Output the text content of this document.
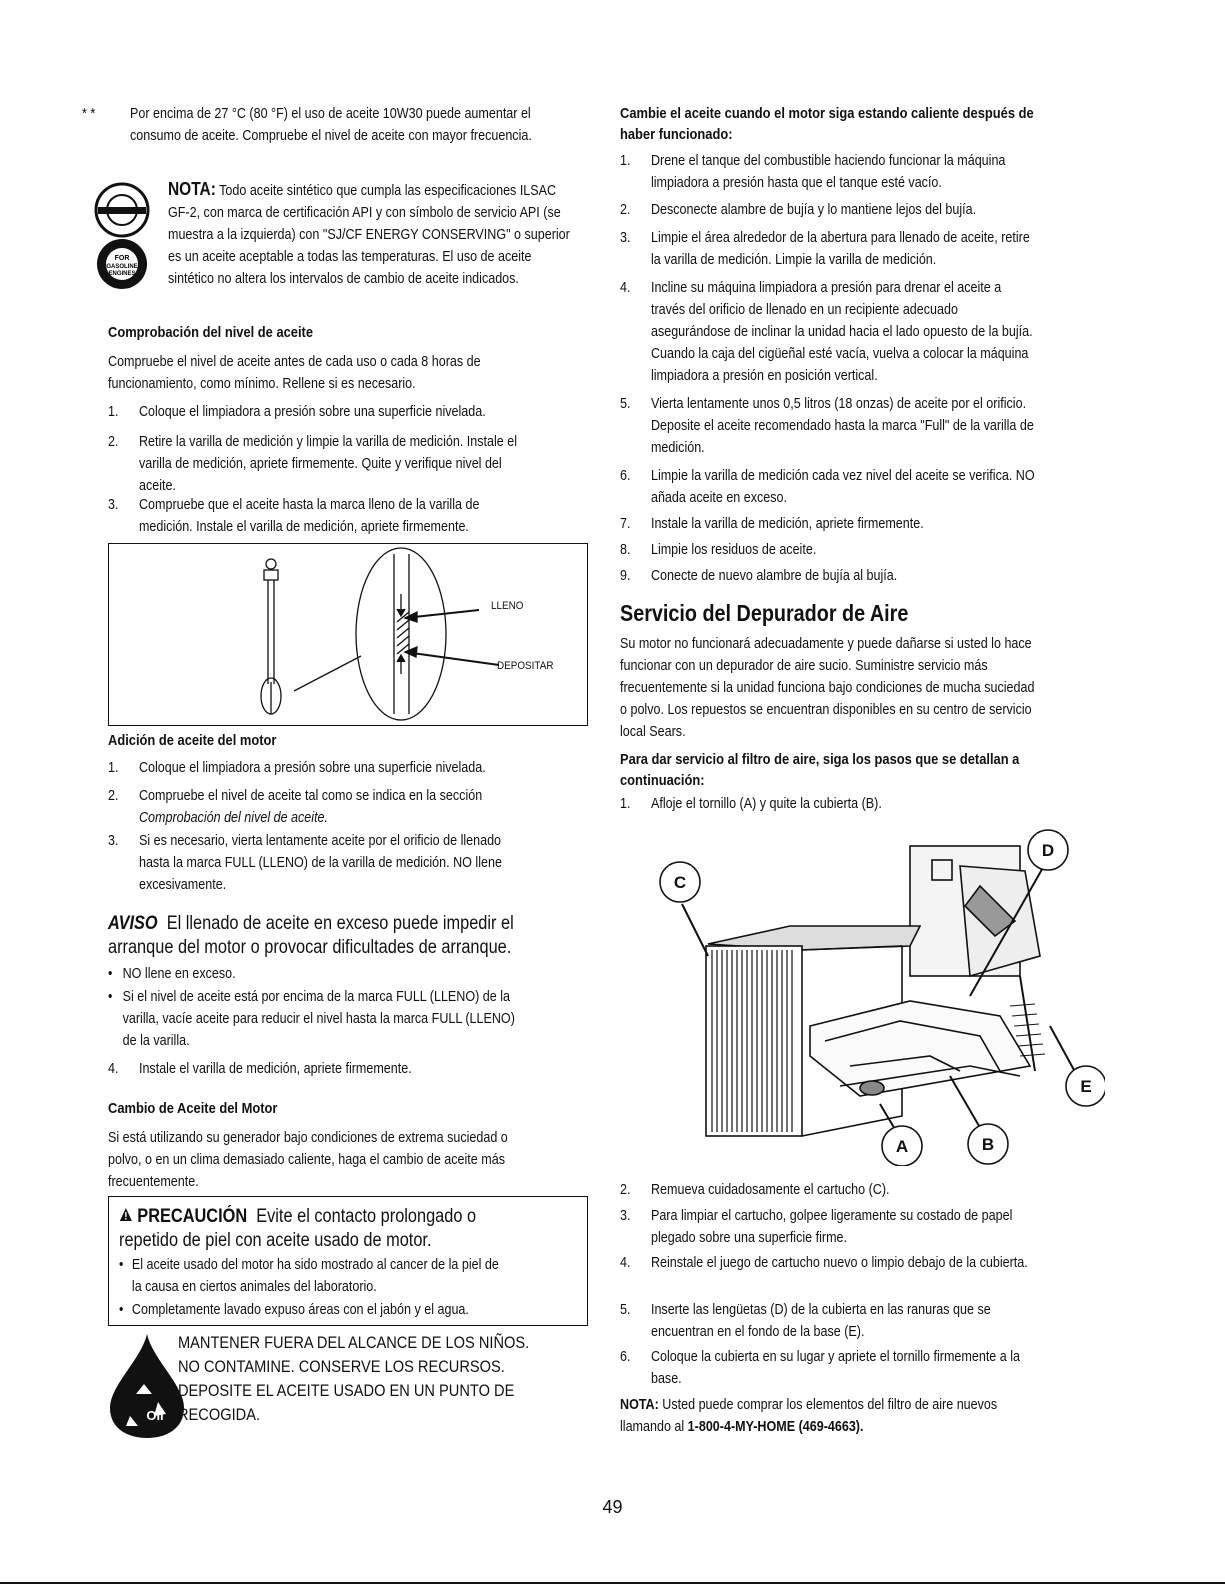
* *	Por encima de 27 °C (80 °F) el uso de aceite 10W30 puede aumentar el consumo de aceite. Compruebe el nivel de aceite con mayor frecuencia.
FOR
GASOLINE
ENGINES
NOTA: Todo aceite sintético que cumpla las especificaciones ILSAC GF-2, con marca de certificación API y con símbolo de servicio API (se muestra a la izquierda) con "SJ/CF ENERGY CONSERVING" o superior es un aceite aceptable a todas las temperaturas. El uso de aceite sintético no altera los intervalos de cambio de aceite indicados.
Comprobación del nivel de aceite
Compruebe el nivel de aceite antes de cada uso o cada 8 horas de funcionamiento, como mínimo. Rellene si es necesario.
1.	Coloque el limpiadora a presión sobre una superficie nivelada.
2.	Retire la varilla de medición y limpie la varilla de medición. Instale el varilla de medición, apriete firmemente. Quite y verifique nivel del aceite.
3.	Compruebe que el aceite hasta la marca lleno de la varilla de medición. Instale el varilla de medición, apriete firmemente.
LLENO
DEPOSITAR
Adición de aceite del motor
1.	Coloque el limpiadora a presión sobre una superficie nivelada.
2.	Compruebe el nivel de aceite tal como se indica en la sección
Comprobación del nivel de aceite.
3.	Si es necesario, vierta lentamente aceite por el orificio de llenado hasta la marca FULL (LLENO) de la varilla de medición. NO llene excesivamente.
AVISO El llenado de aceite en exceso puede impedir el arranque del motor o provocar dificultades de arranque.
• NO llene en exceso.
• Si el nivel de aceite está por encima de la marca FULL (LLENO) de la varilla, vacíe aceite para reducir el nivel hasta la marca FULL (LLENO) de la varilla.
4.	Instale el varilla de medición, apriete firmemente.
Cambio de Aceite del Motor
Si está utilizando su generador bajo condiciones de extrema suciedad o polvo, o en un clima demasiado caliente, haga el cambio de aceite más frecuentemente.
PRECAUCIÓN Evite el contacto prolongado o repetido de piel con aceite usado de motor.
• El aceite usado del motor ha sido mostrado al cancer de la piel de la causa en ciertos animales del laboratorio.
• Completamente lavado expuso áreas con el jabón y el agua.
Oil
MANTENER FUERA DEL ALCANCE DE LOS NIÑOS. NO CONTAMINE. CONSERVE LOS RECURSOS. DEPOSITE EL ACEITE USADO EN UN PUNTO DE RECOGIDA.
Cambie el aceite cuando el motor siga estando caliente después de haber funcionado:
1.	Drene el tanque del combustible haciendo funcionar la máquina limpiadora a presión hasta que el tanque esté vacío.
2.	Desconecte alambre de bujía y lo mantiene lejos del bujía.
3.	Limpie el área alrededor de la abertura para llenado de aceite, retire la varilla de medición. Limpie la varilla de medición.
4.	Incline su máquina limpiadora a presión para drenar el aceite a través del orificio de llenado en un recipiente adecuado asegurándose de inclinar la unidad hacia el lado opuesto de la bujía. Cuando la caja del cigüeñal esté vacía, vuelva a colocar la máquina limpiadora a presión en posición vertical.
5.	Vierta lentamente unos 0,5 litros (18 onzas) de aceite por el orificio. Deposite el aceite recomendado hasta la marca "Full" de la varilla de medición.
6.	Limpie la varilla de medición cada vez nivel del aceite se verifica. NO añada aceite en exceso.
7.	Instale la varilla de medición, apriete firmemente.
8.	Limpie los residuos de aceite.
9.	Conecte de nuevo alambre de bujía al bujía.
Servicio del Depurador de Aire
Su motor no funcionará adecuadamente y puede dañarse si usted lo hace funcionar con un depurador de aire sucio. Suministre servicio más frecuentemente si la unidad funciona bajo condiciones de mucha suciedad o polvo. Los repuestos se encuentran disponibles en su centro de servicio local Sears.
Para dar servicio al filtro de aire, siga los pasos que se detallan a continuación:
1.	Afloje el tornillo (A) y quite la cubierta (B).
C
D
E
A	B
2.	Remueva cuidadosamente el cartucho (C).
3.	Para limpiar el cartucho, golpee ligeramente su costado de papel plegado sobre una superficie firme.
4.	Reinstale el juego de cartucho nuevo o limpio debajo de la cubierta.
5.	Inserte las lengüetas (D) de la cubierta en las ranuras que se encuentran en el fondo de la base (E).
6.	Coloque la cubierta en su lugar y apriete el tornillo firmemente a la base.
NOTA: Usted puede comprar los elementos del filtro de aire nuevos llamando al 1-800-4-MY-HOME (469-4663).
49
